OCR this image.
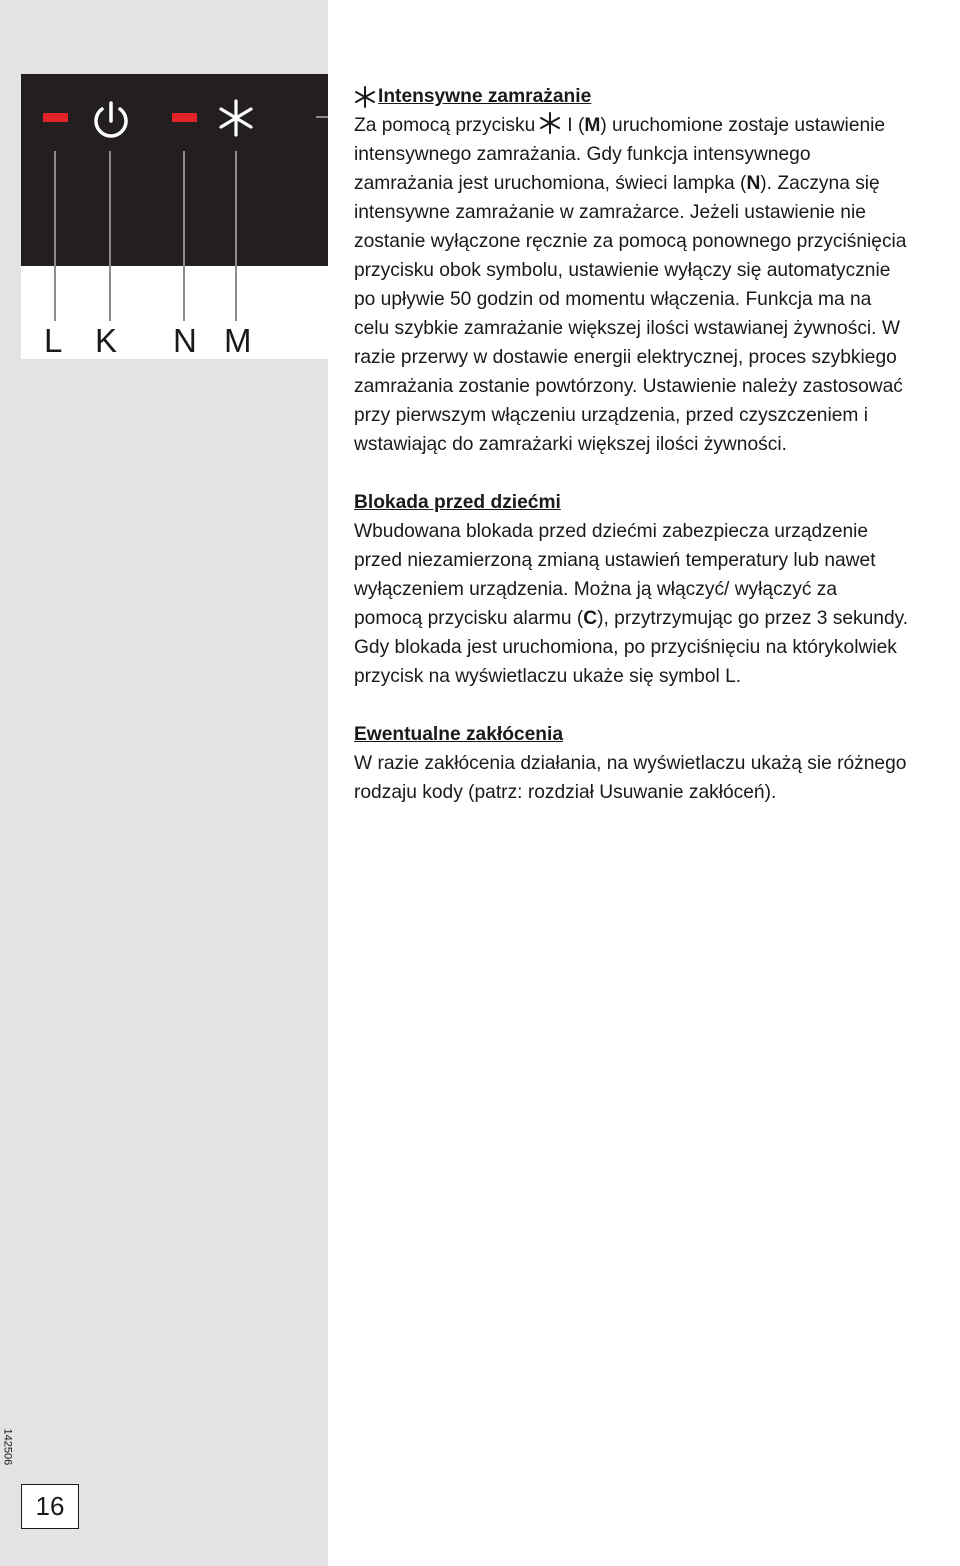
L K N M
142506
16
Intensywne zamrażanie
Za pomocą przycisku I (M) uruchomione zostaje ustawienie
intensywnego zamrażania. Gdy funkcja intensywnego
zamrażania jest uruchomiona, świeci lampka (N). Zaczyna się
intensywne zamrażanie w zamrażarce. Jeżeli ustawienie nie
zostanie wyłączone ręcznie za pomocą ponownego przyciśnięcia
przycisku obok symbolu, ustawienie wyłączy się automatycznie
po upływie 50 godzin od momentu włączenia. Funkcja ma na
celu szybkie zamrażanie większej ilości wstawianej żywności. W
razie przerwy w dostawie energii elektrycznej, proces szybkiego
zamrażania zostanie powtórzony. Ustawienie należy zastosować
przy pierwszym włączeniu urządzenia, przed czyszczeniem i
wstawiając do zamrażarki większej ilości żywności.
Blokada przed dziećmi
Wbudowana blokada przed dziećmi zabezpiecza urządzenie
przed niezamierzoną zmianą ustawień temperatury lub nawet
wyłączeniem urządzenia. Można ją włączyć/ wyłączyć za
pomocą przycisku alarmu (C), przytrzymując go przez 3 sekundy.
Gdy blokada jest uruchomiona, po przyciśnięciu na którykolwiek
przycisk na wyświetlaczu ukaże się symbol L.
Ewentualne zakłócenia
W razie zakłócenia działania, na wyświetlaczu ukażą sie różnego
rodzaju kody (patrz: rozdział Usuwanie zakłóceń).
